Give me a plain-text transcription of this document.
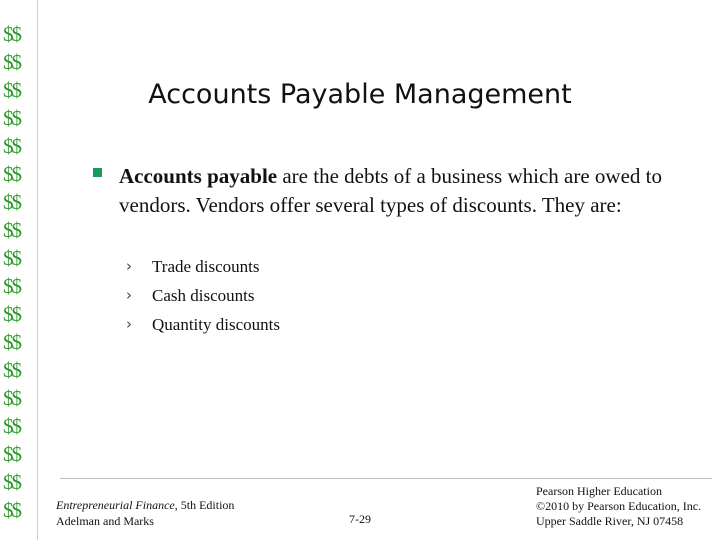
$$
$$
$$
$$
$$
$$
$$
$$
$$
$$
$$
$$
$$
$$
$$
$$
$$
$$
Accounts Payable Management
Accounts payable are the debts of a business which are owed to vendors. Vendors offer several types of discounts. They are:
› Trade discounts
› Cash discounts
› Quantity discounts
Entrepreneurial Finance, 5th Edition
Adelman and Marks	7-29
Pearson Higher Education
©2010 by Pearson Education, Inc.
Upper Saddle River, NJ 07458
